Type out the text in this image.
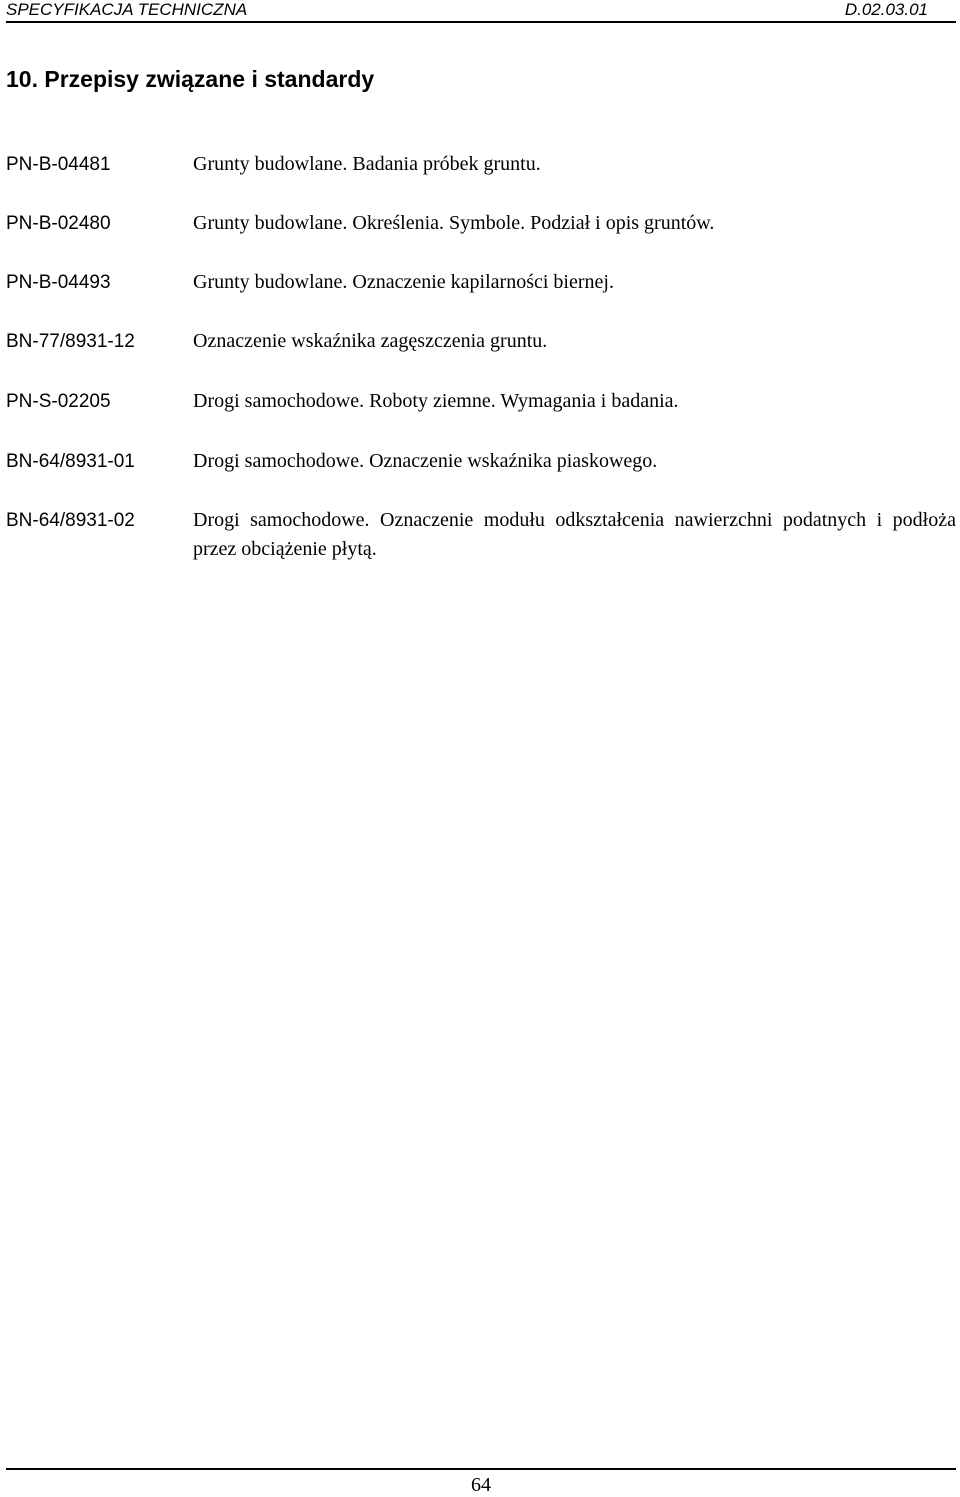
SPECYFIKACJA TECHNICZNA	D.02.03.01
10. Przepisy związane i standardy
PN-B-04481	Grunty budowlane. Badania próbek gruntu.
PN-B-02480	Grunty budowlane. Określenia. Symbole. Podział i opis gruntów.
PN-B-04493	Grunty budowlane. Oznaczenie kapilarności biernej.
BN-77/8931-12	Oznaczenie wskaźnika zagęszczenia gruntu.
PN-S-02205	Drogi samochodowe. Roboty ziemne. Wymagania i badania.
BN-64/8931-01	Drogi samochodowe. Oznaczenie wskaźnika piaskowego.
BN-64/8931-02	Drogi samochodowe. Oznaczenie modułu odkształcenia nawierzchni podatnych i podłoża przez obciążenie płytą.
64
